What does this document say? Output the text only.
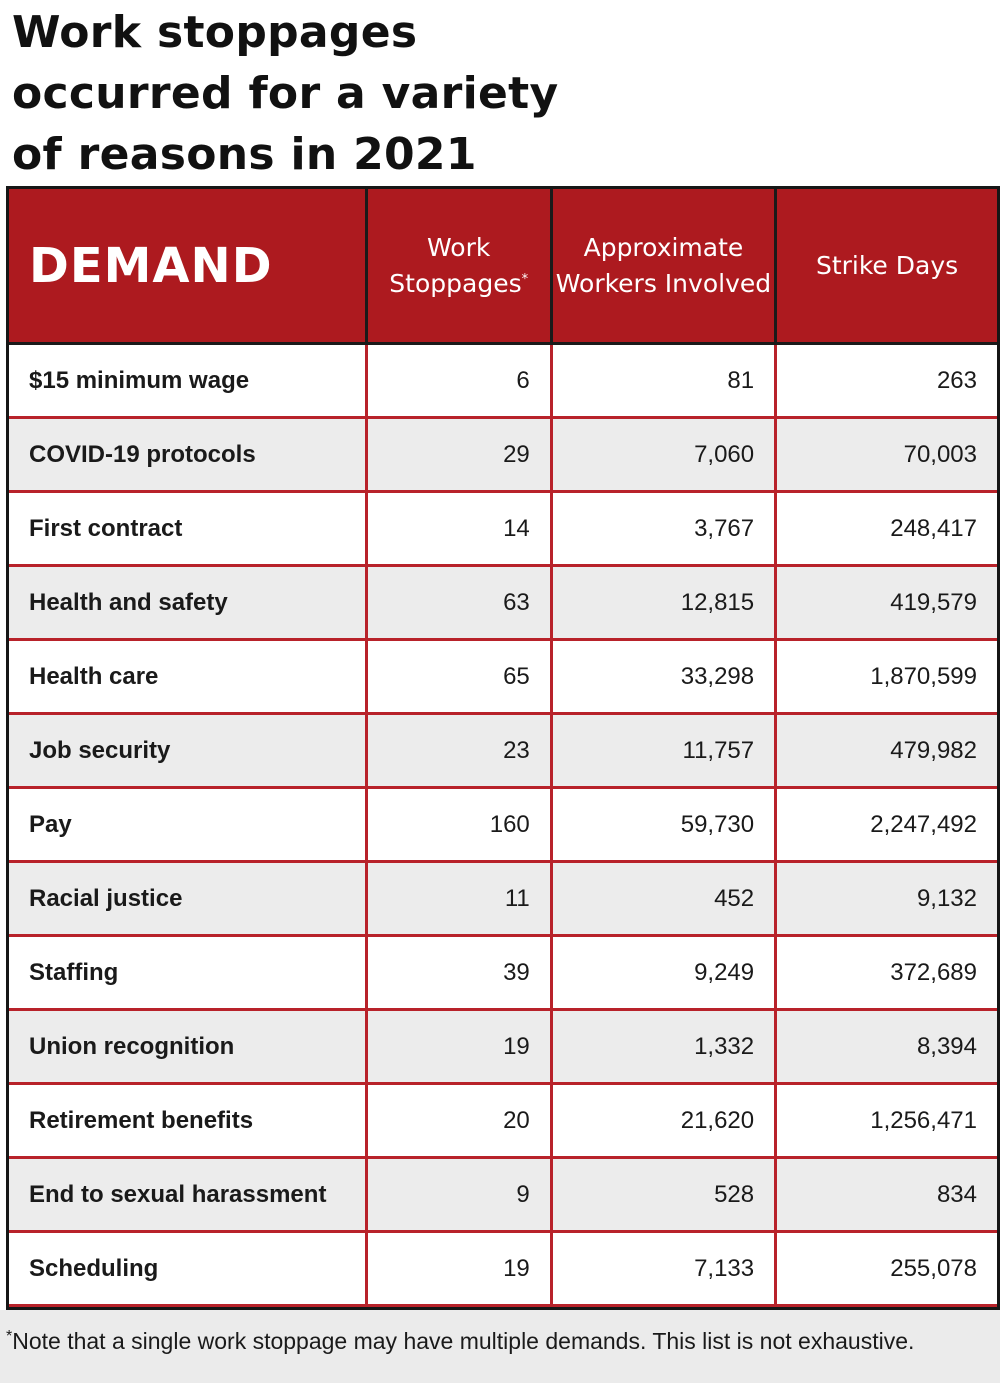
Work stoppages occurred for a variety of reasons in 2021
DEMAND	Work Stoppages*	Approximate Workers Involved	Strike Days
$15 minimum wage	6	81	263
COVID-19 protocols	29	7,060	70,003
First contract	14	3,767	248,417
Health and safety	63	12,815	419,579
Health care	65	33,298	1,870,599
Job security	23	11,757	479,982
Pay	160	59,730	2,247,492
Racial justice	11	452	9,132
Staffing	39	9,249	372,689
Union recognition	19	1,332	8,394
Retirement benefits	20	21,620	1,256,471
End to sexual harassment	9	528	834
Scheduling	19	7,133	255,078
*Note that a single work stoppage may have multiple demands. This list is not exhaustive.
